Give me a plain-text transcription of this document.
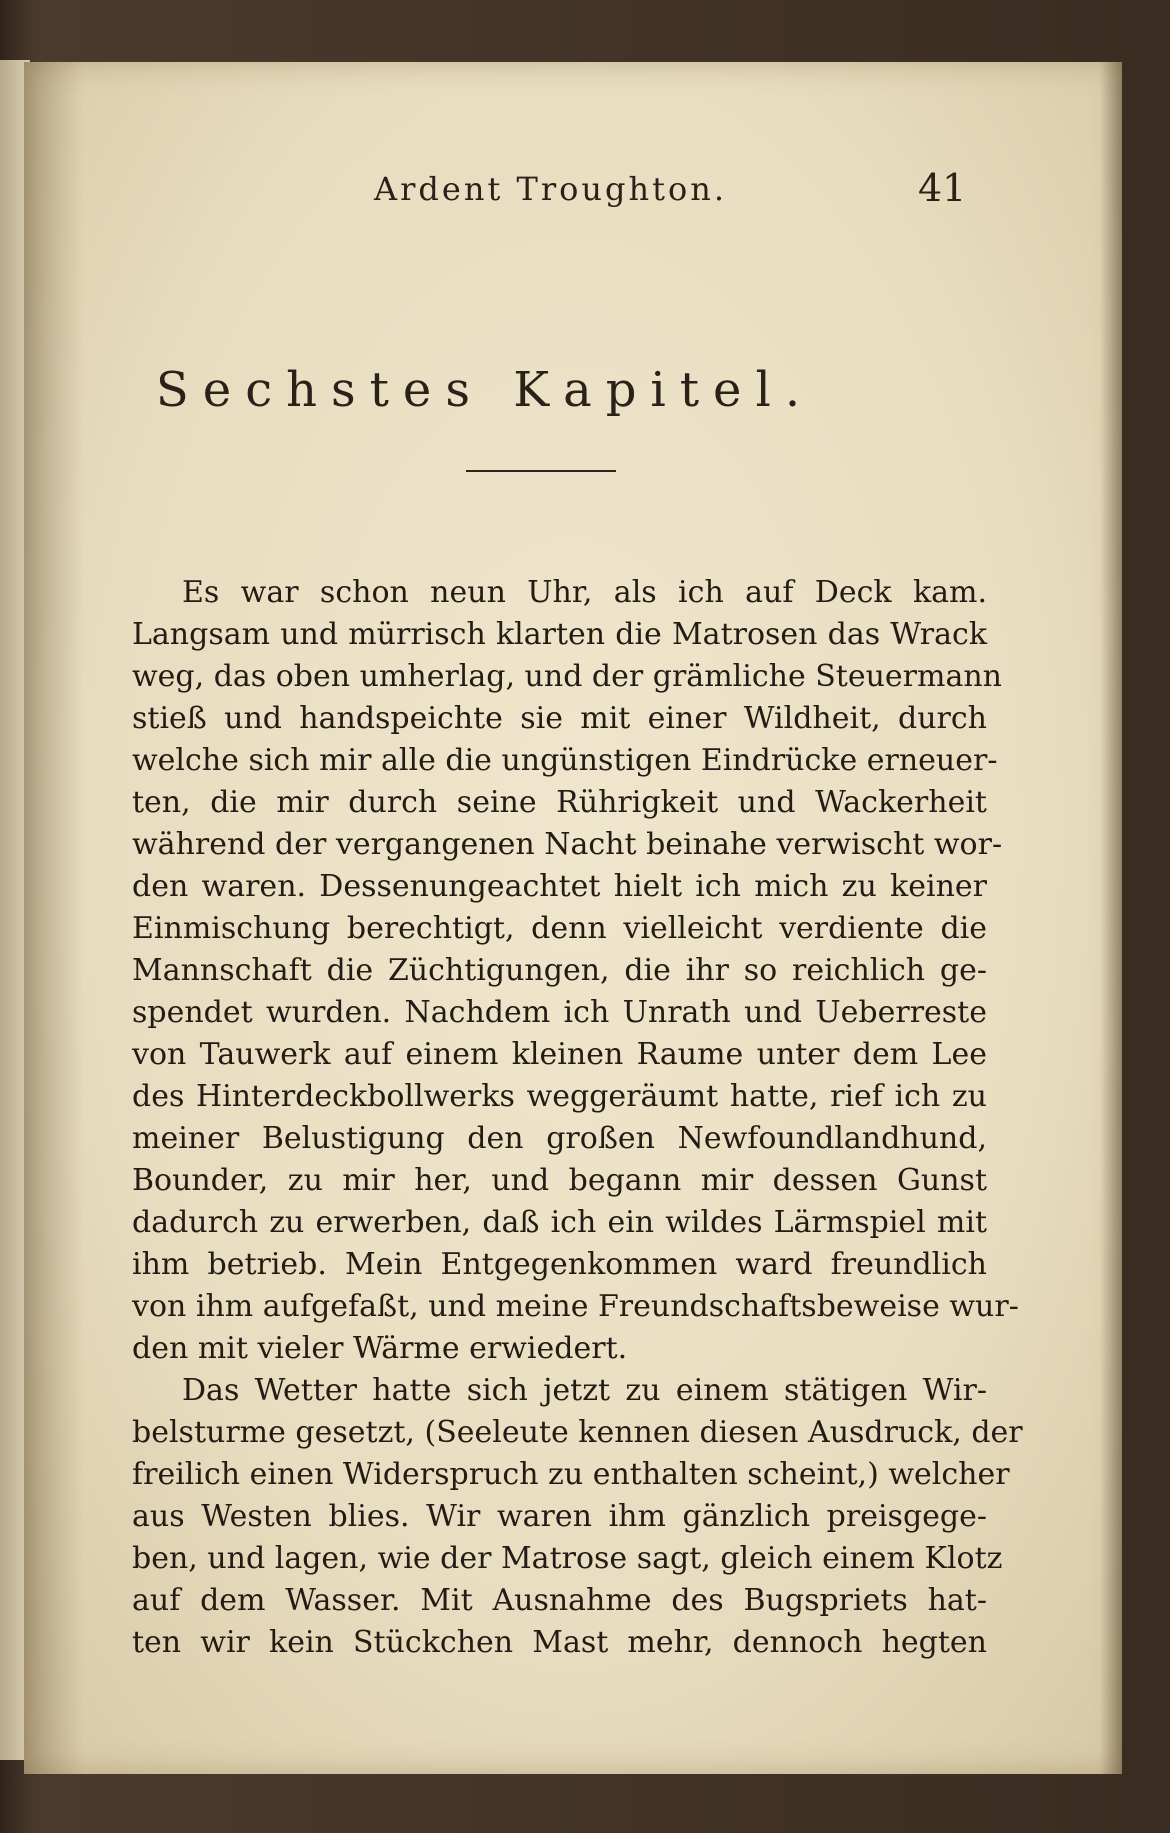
Ardent Troughton.	41
Sechstes Kapitel.
Es war schon neun Uhr, als ich auf Deck kam.
Langsam und mürrisch klarten die Matrosen das Wrack
weg, das oben umherlag, und der grämliche Steuermann
stieß und handspeichte sie mit einer Wildheit, durch
welche sich mir alle die ungünstigen Eindrücke erneuer-
ten, die mir durch seine Rührigkeit und Wackerheit
während der vergangenen Nacht beinahe verwischt wor-
den waren. Dessenungeachtet hielt ich mich zu keiner
Einmischung berechtigt, denn vielleicht verdiente die
Mannschaft die Züchtigungen, die ihr so reichlich ge-
spendet wurden. Nachdem ich Unrath und Ueberreste
von Tauwerk auf einem kleinen Raume unter dem Lee
des Hinterdeckbollwerks weggeräumt hatte, rief ich zu
meiner Belustigung den großen Newfoundlandhund,
Bounder, zu mir her, und begann mir dessen Gunst
dadurch zu erwerben, daß ich ein wildes Lärmspiel mit
ihm betrieb. Mein Entgegenkommen ward freundlich
von ihm aufgefaßt, und meine Freundschaftsbeweise wur-
den mit vieler Wärme erwiedert.
Das Wetter hatte sich jetzt zu einem stätigen Wir-
belsturme gesetzt, (Seeleute kennen diesen Ausdruck, der
freilich einen Widerspruch zu enthalten scheint,) welcher
aus Westen blies. Wir waren ihm gänzlich preisgege-
ben, und lagen, wie der Matrose sagt, gleich einem Klotz
auf dem Wasser. Mit Ausnahme des Bugspriets hat-
ten wir kein Stückchen Mast mehr, dennoch hegten
